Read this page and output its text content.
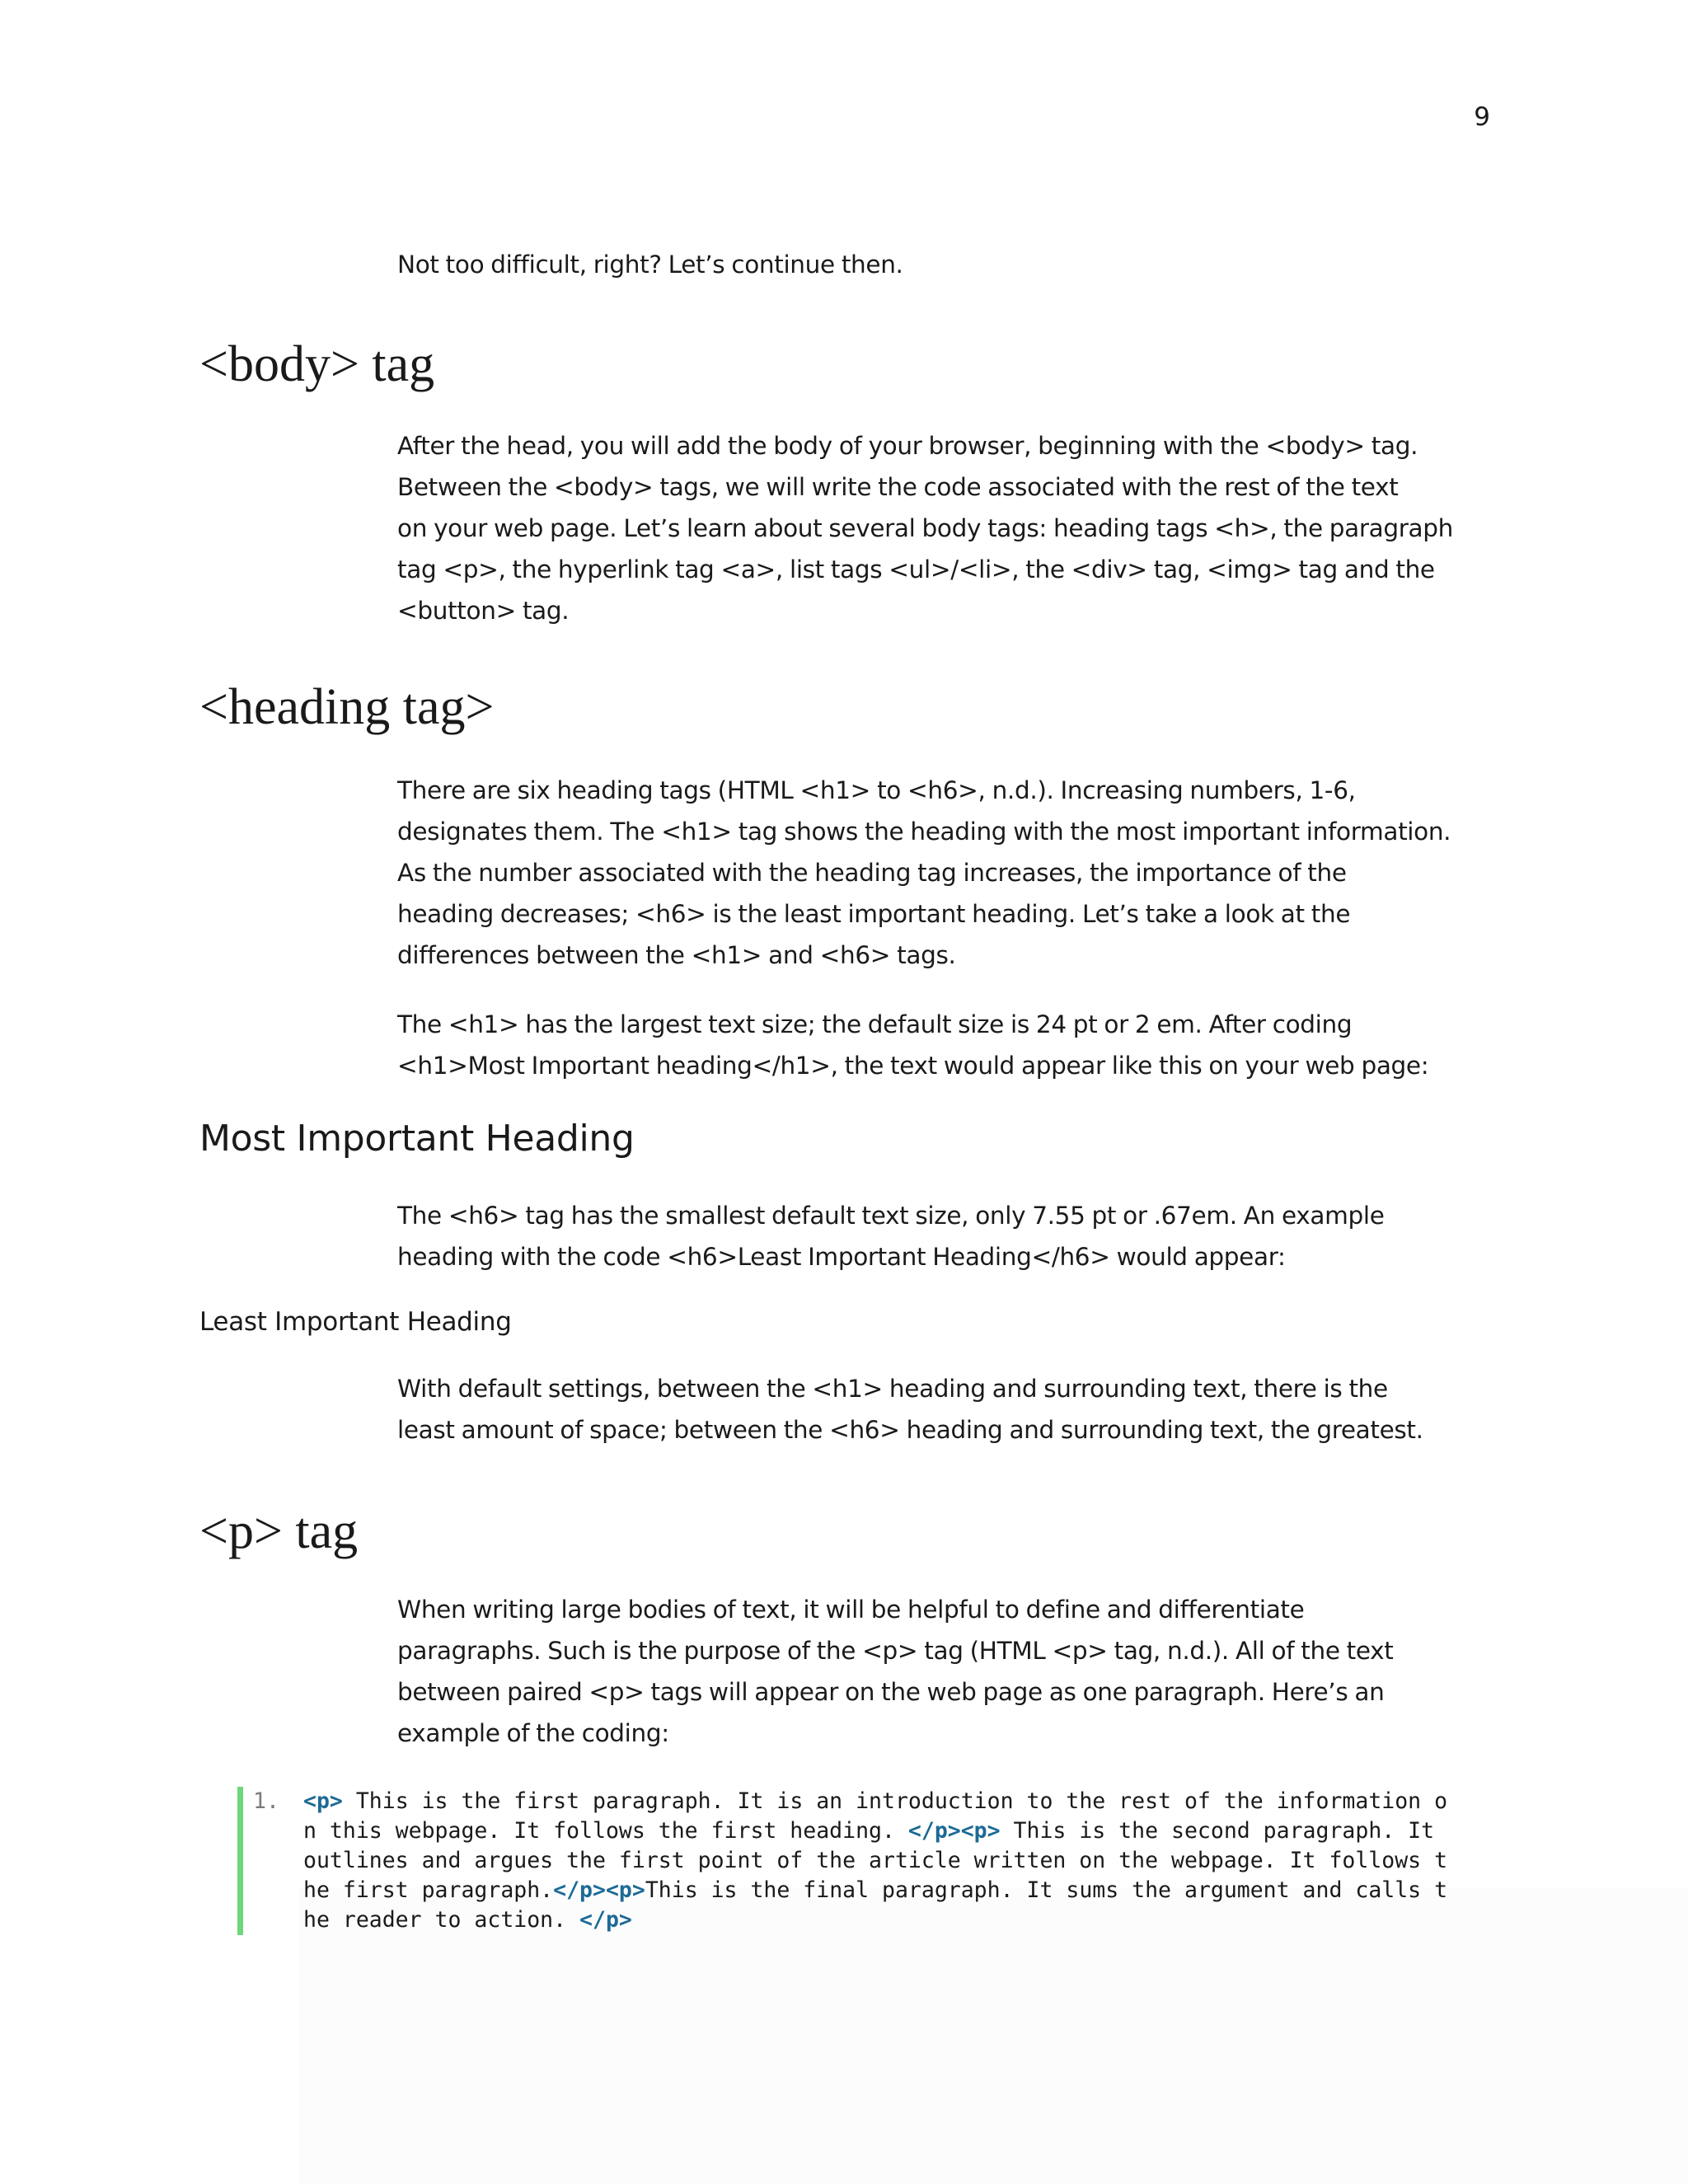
9

Not too difficult, right? Let’s continue then.

<body> tag

After the head, you will add the body of your browser, beginning with the <body> tag.
Between the <body> tags, we will write the code associated with the rest of the text
on your web page. Let’s learn about several body tags: heading tags <h>, the paragraph
tag <p>, the hyperlink tag <a>, list tags <ul>/<li>, the <div> tag, <img> tag and the
<button> tag.

<heading tag>

There are six heading tags (HTML <h1> to <h6>, n.d.). Increasing numbers, 1-6,
designates them. The <h1> tag shows the heading with the most important information.
As the number associated with the heading tag increases, the importance of the
heading decreases; <h6> is the least important heading. Let’s take a look at the
differences between the <h1> and <h6> tags.

The <h1> has the largest text size; the default size is 24 pt or 2 em. After coding
<h1>Most Important heading</h1>, the text would appear like this on your web page:

Most Important Heading

The <h6> tag has the smallest default text size, only 7.55 pt or .67em. An example
heading with the code <h6>Least Important Heading</h6> would appear:

Least Important Heading

With default settings, between the <h1> heading and surrounding text, there is the
least amount of space; between the <h6> heading and surrounding text, the greatest.

<p> tag

When writing large bodies of text, it will be helpful to define and differentiate
paragraphs. Such is the purpose of the <p> tag (HTML <p> tag, n.d.). All of the text
between paired <p> tags will appear on the web page as one paragraph. Here’s an
example of the coding:

1. <p> This is the first paragraph. It is an introduction to the rest of the information o
n this webpage. It follows the first heading. </p><p> This is the second paragraph. It
outlines and argues the first point of the article written on the webpage. It follows t
he first paragraph.</p><p>This is the final paragraph. It sums the argument and calls t
he reader to action. </p>
